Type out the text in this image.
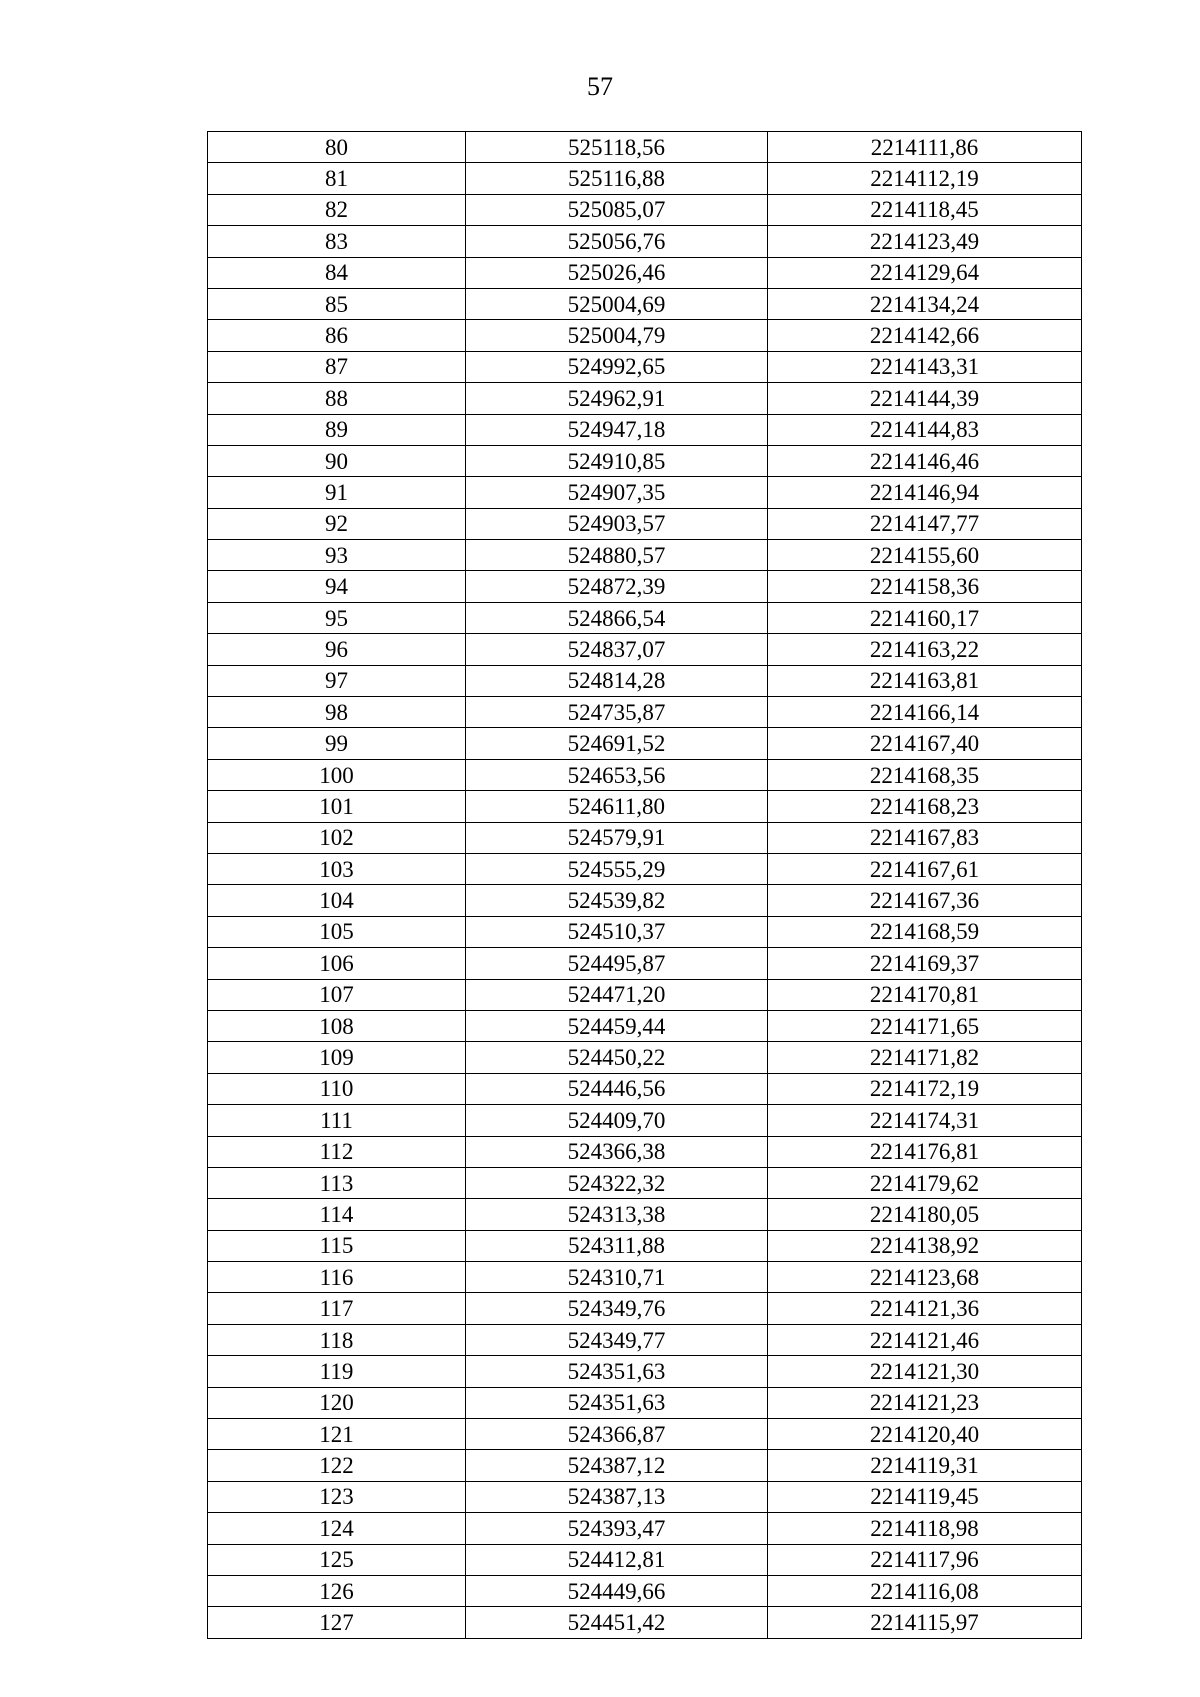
57
80	525118,56	2214111,86
81	525116,88	2214112,19
82	525085,07	2214118,45
83	525056,76	2214123,49
84	525026,46	2214129,64
85	525004,69	2214134,24
86	525004,79	2214142,66
87	524992,65	2214143,31
88	524962,91	2214144,39
89	524947,18	2214144,83
90	524910,85	2214146,46
91	524907,35	2214146,94
92	524903,57	2214147,77
93	524880,57	2214155,60
94	524872,39	2214158,36
95	524866,54	2214160,17
96	524837,07	2214163,22
97	524814,28	2214163,81
98	524735,87	2214166,14
99	524691,52	2214167,40
100	524653,56	2214168,35
101	524611,80	2214168,23
102	524579,91	2214167,83
103	524555,29	2214167,61
104	524539,82	2214167,36
105	524510,37	2214168,59
106	524495,87	2214169,37
107	524471,20	2214170,81
108	524459,44	2214171,65
109	524450,22	2214171,82
110	524446,56	2214172,19
111	524409,70	2214174,31
112	524366,38	2214176,81
113	524322,32	2214179,62
114	524313,38	2214180,05
115	524311,88	2214138,92
116	524310,71	2214123,68
117	524349,76	2214121,36
118	524349,77	2214121,46
119	524351,63	2214121,30
120	524351,63	2214121,23
121	524366,87	2214120,40
122	524387,12	2214119,31
123	524387,13	2214119,45
124	524393,47	2214118,98
125	524412,81	2214117,96
126	524449,66	2214116,08
127	524451,42	2214115,97
